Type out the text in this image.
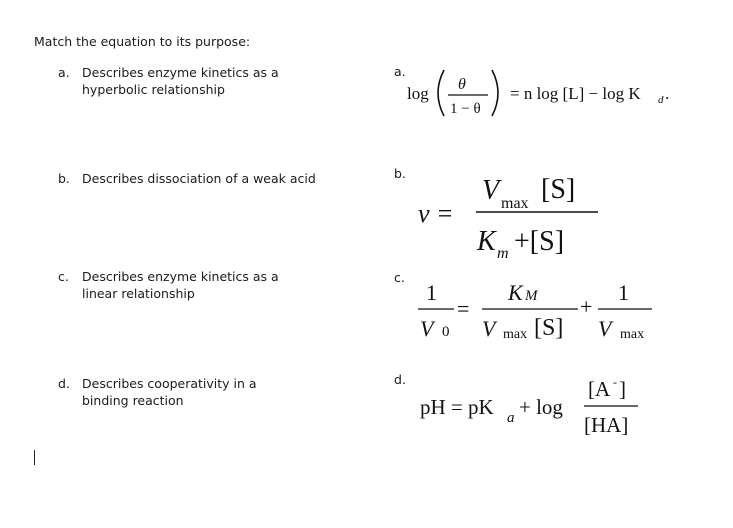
Match the equation to its purpose:
a. Describes enzyme kinetics as a hyperbolic relationship
b. Describes dissociation of a weak acid
c. Describes enzyme kinetics as a linear relationship
d. Describes cooperativity in a binding reaction
a.
b.
c.
d.
log θ
1 − θ
= n log [L] − log K d .
v =
V max [S]
K m +[S]
1
V 0
=
K M
V max [S]
+
1
V max
pH = pK a + log
[A - ]
[HA]
